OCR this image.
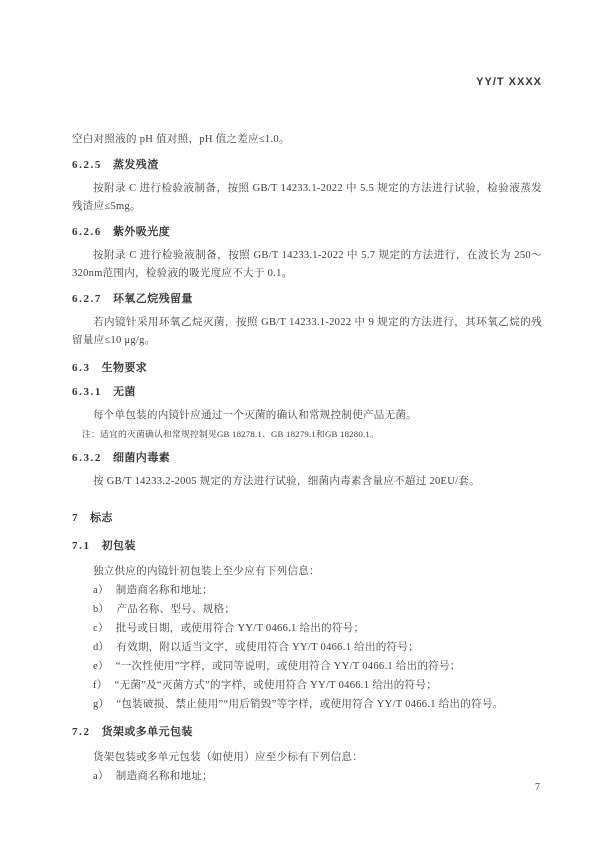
YY/T XXXX

空白对照液的 pH 值对照，pH 值之差应≤1.0。

6.2.5 蒸发残渣

按附录 C 进行检验液制备，按照 GB/T 14233.1-2022 中 5.5 规定的方法进行试验，检验液蒸发残渣应≤5mg。

6.2.6 紫外吸光度

按附录 C 进行检验液制备，按照 GB/T 14233.1-2022 中 5.7 规定的方法进行，在波长为 250～320nm范围内，检验液的吸光度应不大于 0.1。

6.2.7 环氧乙烷残留量

若内镜针采用环氧乙烷灭菌，按照 GB/T 14233.1-2022 中 9 规定的方法进行，其环氧乙烷的残留量应≤10 μg/g。

6.3 生物要求

6.3.1 无菌

每个单包装的内镜针应通过一个灭菌的确认和常规控制使产品无菌。

注：适宜的灭菌确认和常规控制见GB 18278.1、GB 18279.1和GB 18280.1。

6.3.2 细菌内毒素

按 GB/T 14233.2-2005 规定的方法进行试验，细菌内毒素含量应不超过 20EU/套。

7 标志

7.1 初包装

独立供应的内镜针初包装上至少应有下列信息：

a） 制造商名称和地址；
b） 产品名称、型号、规格；
c） 批号或日期，或使用符合 YY/T 0466.1 给出的符号；
d） 有效期，附以适当文字，或使用符合 YY/T 0466.1 给出的符号；
e） “一次性使用”字样，或同等说明，或使用符合 YY/T 0466.1 给出的符号；
f） “无菌”及“灭菌方式”的字样，或使用符合 YY/T 0466.1 给出的符号；
g） “包装破损、禁止使用”“用后销毁”等字样，或使用符合 YY/T 0466.1 给出的符号。

7.2 货架或多单元包装

货架包装或多单元包装（如使用）应至少标有下列信息：

a） 制造商名称和地址；
7
